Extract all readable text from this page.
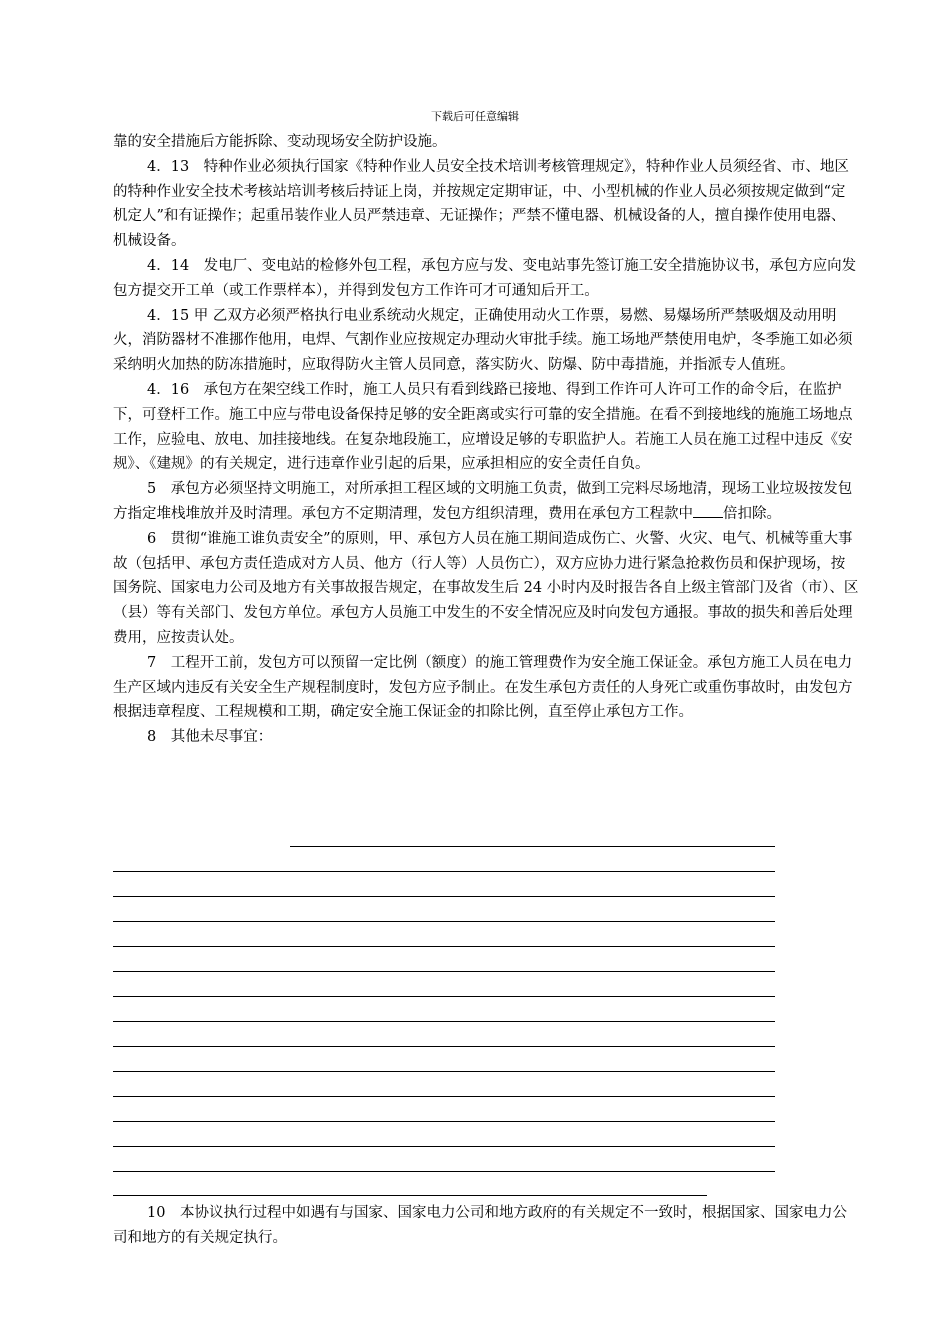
下载后可任意编辑

靠的安全措施后方能拆除、变动现场安全防护设施。

4．13　特种作业必须执行国家《特种作业人员安全技术培训考核管理规定》，特种作业人员须经省、市、地区的特种作业安全技术考核站培训考核后持证上岗，并按规定定期审证，中、小型机械的作业人员必须按规定做到“定机定人”和有证操作；起重吊装作业人员严禁违章、无证操作；严禁不懂电器、机械设备的人，擅自操作使用电器、机械设备。

4．14　发电厂、变电站的检修外包工程，承包方应与发、变电站事先签订施工安全措施协议书，承包方应向发包方提交开工单（或工作票样本），并得到发包方工作许可才可通知后开工。

4．15 甲 乙双方必须严格执行电业系统动火规定，正确使用动火工作票，易燃、易爆场所严禁吸烟及动用明火，消防器材不准挪作他用，电焊、气割作业应按规定办理动火审批手续。施工场地严禁使用电炉，冬季施工如必须采纳明火加热的防冻措施时，应取得防火主管人员同意，落实防火、防爆、防中毒措施，并指派专人值班。

4．16　承包方在架空线工作时，施工人员只有看到线路已接地、得到工作许可人许可工作的命令后，在监护下，可登杆工作。施工中应与带电设备保持足够的安全距离或实行可靠的安全措施。在看不到接地线的施施工场地点工作，应验电、放电、加挂接地线。在复杂地段施工，应增设足够的专职监护人。若施工人员在施工过程中违反《安规》、《建规》的有关规定，进行违章作业引起的后果，应承担相应的安全责任自负。

5　承包方必须坚持文明施工，对所承担工程区域的文明施工负责，做到工完料尽场地清，现场工业垃圾按发包方指定堆栈堆放并及时清理。承包方不定期清理，发包方组织清理，费用在承包方工程款中 倍扣除。

6　贯彻“谁施工谁负责安全”的原则，甲、承包方人员在施工期间造成伤亡、火警、火灾、电气、机械等重大事故（包括甲、承包方责任造成对方人员、他方（行人等）人员伤亡），双方应协力进行紧急抢救伤员和保护现场，按国务院、国家电力公司及地方有关事故报告规定，在事故发生后 24 小时内及时报告各自上级主管部门及省（市）、区（县）等有关部门、发包方单位。承包方人员施工中发生的不安全情况应及时向发包方通报。事故的损失和善后处理费用，应按责认处。

7　工程开工前，发包方可以预留一定比例（额度）的施工管理费作为安全施工保证金。承包方施工人员在电力生产区域内违反有关安全生产规程制度时，发包方应予制止。在发生承包方责任的人身死亡或重伤事故时，由发包方根据违章程度、工程规模和工期，确定安全施工保证金的扣除比例，直至停止承包方工作。

8　其他未尽事宜：

10　本协议执行过程中如遇有与国家、国家电力公司和地方政府的有关规定不一致时，根据国家、国家电力公司和地方的有关规定执行。
